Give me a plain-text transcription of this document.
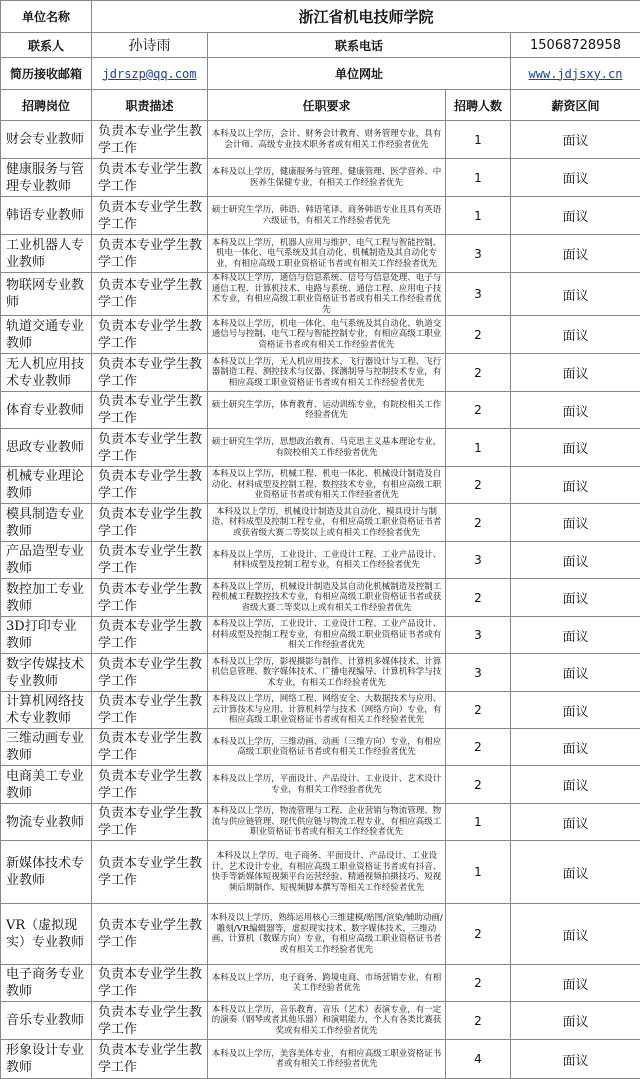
单位名称	浙江省机电技师学院			
联系人	孙诗雨	联系电话		15068728958
简历接收邮箱	jdrszp@qq.com	单位网址		www.jdjsxy.cn
招聘岗位	职责描述	任职要求	招聘人数	薪资区间
财会专业教师	负责本专业学生教学工作	本科及以上学历，会计、财务会计教育、财务管理专业，具有会计师、高级专业技术职务者或有相关工作经验者优先	1	面议
健康服务与管理专业教师	负责本专业学生教学工作	本科及以上学历，健康服务与管理、健康管理、医学营养、中医养生保健专业，有相关工作经验者优先	1	面议
韩语专业教师	负责本专业学生教学工作	硕士研究生学历，韩语、韩语笔译、商务韩语专业且具有英语六级证书，有相关工作经验者优先	1	面议
工业机器人专业教师	负责本专业学生教学工作	本科及以上学历，机器人应用与维护、电气工程与智能控制、机电一体化、电气系统及其自动化、机械制造及其自动化专业，有相应高级工职业资格证书者或有相关工作经验者优先	3	面议
物联网专业教师	负责本专业学生教学工作	本科及以上学历，通信与信息系统、信号与信息处理、电子与通信工程、计算机技术、电路与系统、通信工程、应用电子技术专业，有相应高级工职业资格证书者或有相关工作经验者优先	3	面议
轨道交通专业教师	负责本专业学生教学工作	本科及以上学历，机电一体化、电气系统及其自动化、轨道交通信号与控制、电气工程与智能控制专业，有相应高级工职业资格证书者或有相关工作经验者优先	2	面议
无人机应用技术专业教师	负责本专业学生教学工作	本科及以上学历，无人机应用技术、飞行器设计与工程、飞行器制造工程、测控技术与仪器、探测制导与控制技术专业，有相应高级工职业资格证书者或有相关工作经验者优先	2	面议
体育专业教师	负责本专业学生教学工作	硕士研究生学历，体育教育、运动训练专业，有院校相关工作经验者优先	2	面议
思政专业教师	负责本专业学生教学工作	硕士研究生学历，思想政治教育、马克思主义基本理论专业，有院校相关工作经验者优先	1	面议
机械专业理论教师	负责本专业学生教学工作	本科及以上学历，机械工程、机电一体化、机械设计制造及自动化、材料成型及控制工程、数控技术专业，有相应高级工职业资格证书者或有相关工作经验者优先	2	面议
模具制造专业教师	负责本专业学生教学工作	本科及以上学历，机械设计制造及其自动化、模具设计与制造、材料成型及控制工程专业，有相应高级工职业资格证书者或获省级大赛二等奖以上或有相关工作经验者优先	2	面议
产品造型专业教师	负责本专业学生教学工作	本科及以上学历，工业设计、工业设计工程、工业产品设计、材料成型及控制工程专业，有相关工作经验者优先	3	面议
数控加工专业教师	负责本专业学生教学工作	本科及以上学历，机械设计制造及其自动化机械制造及控制工程机械工程数控技术专业，有相应高级工职业资格证书者或获省级大赛二等奖以上或有相关工作经验者优先	2	面议
3D打印专业教师	负责本专业学生教学工作	本科及以上学历，工业设计、工业设计工程、工业产品设计、材料成型及控制工程专业，有相应高级工职业资格证书者或有相关工作经验者优先	3	面议
数字传媒技术专业教师	负责本专业学生教学工作	本科及以上学历，影视摄影与制作、计算机多媒体技术、计算机信息管理、数字媒体技术、广播电视编导、计算机科学与技术专业，有相关工作经验者优先	3	面议
计算机网络技术专业教师	负责本专业学生教学工作	本科及以上学历，网络工程、网络安全、大数据技术与应用、云计算技术与应用、计算机科学与技术（网络方向）专业，有相应高级工职业资格证书者或有相关工作经验者优先	2	面议
三维动画专业教师	负责本专业学生教学工作	本科及以上学历，三维动画、动画（三维方向）专业，有相应高级工职业资格证书者或有相关工作经验者优先	2	面议
电商美工专业教师	负责本专业学生教学工作	本科及以上学历，平面设计、产品设计、工业设计、艺术设计专业，有相关工作经验者优先	2	面议
物流专业教师	负责本专业学生教学工作	本科及以上学历，物流管理与工程、企业营销与物流管理、物流与供应链管理、现代供应链与物流工程专业，有相应高级工职业资格证书者或有相关工作经验者优先	1	面议
新媒体技术专业教师	负责本专业学生教学工作	本科及以上学历，电子商务、平面设计、产品设计、工业设计、艺术设计专业，有相应高级工职业资格证书者或有抖音、快手等新媒体短视频平台运营经验、精通视频拍摄技巧、短视频后期制作、短视频脚本撰写等相关工作经验者优先	1	面议
VR（虚拟现实）专业教师	负责本专业学生教学工作	本科及以上学历，熟练运用核心三维建模/贴图/渲染/辅助动画/雕刻/VR编辑器等，虚拟现实技术、数字媒体技术、三维动画、计算机（数媒方向）专业，有相应高级工职业资格证书者或有相关工作经验者优先	2	面议
电子商务专业教师	负责本专业学生教学工作	本科及以上学历，电子商务、跨境电商、市场营销专业，有相关工作经验者优先	2	面议
音乐专业教师	负责本专业学生教学工作	本科及以上学历，音乐教育、音乐（艺术）表演专业，有一定的演奏（钢琴或者其他乐器）和演唱能力，个人有各类比赛获奖或有相关工作经验者优先	2	面议
形象设计专业教师	负责本专业学生教学工作	本科及以上学历，美容美体专业，有相应高级工职业资格证书者或有相关工作经验者优先	4	面议
